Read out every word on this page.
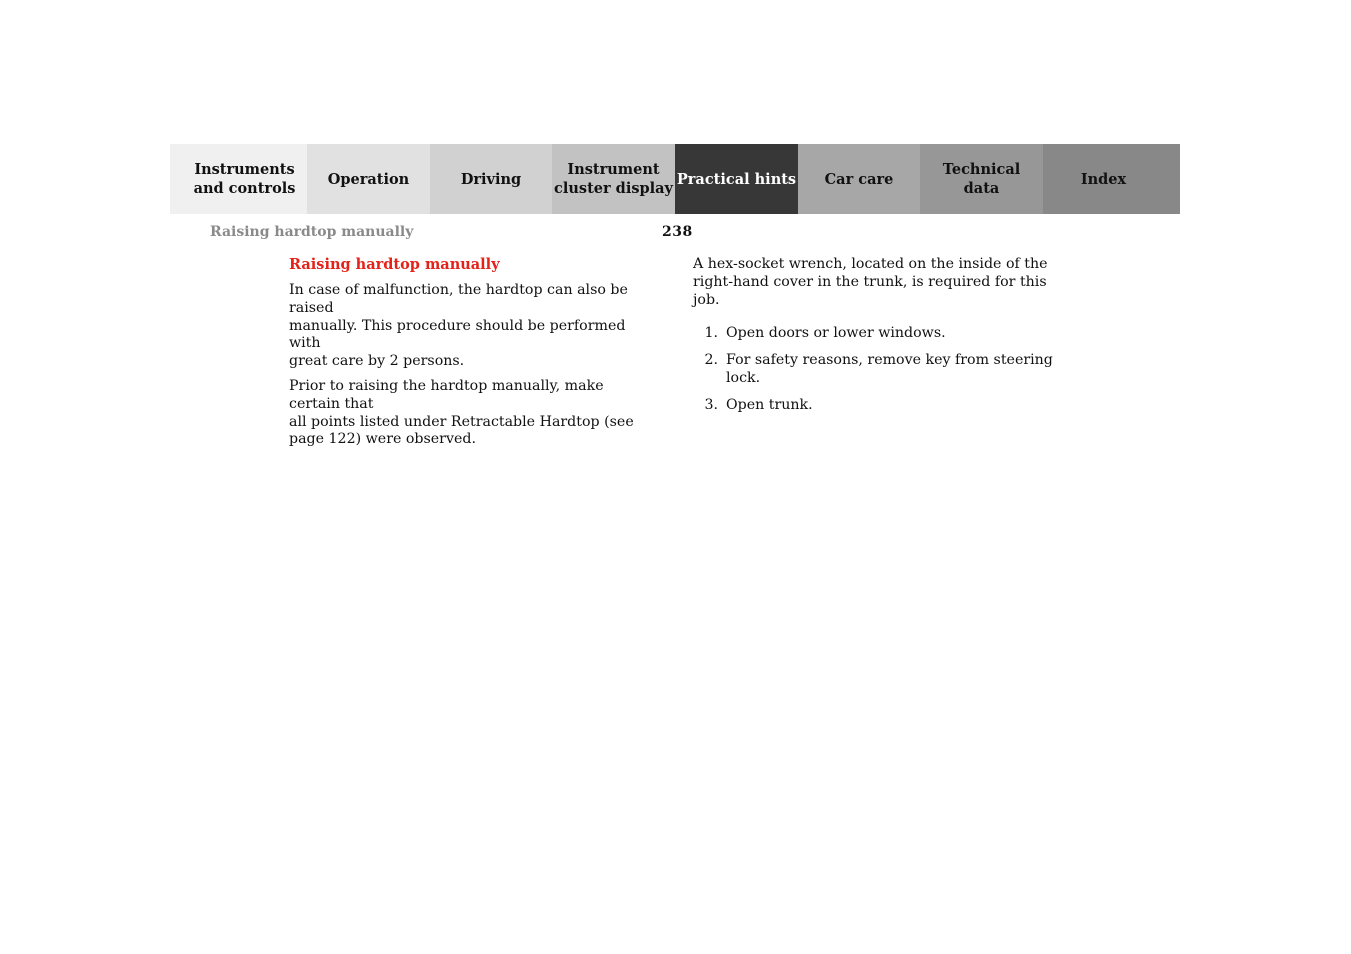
Instruments
and controls
Operation	Driving
Instrument
cluster display
Practical hints	Car care
Technical
data
Index
Raising hardtop manually	238
Raising hardtop manually

In case of malfunction, the hardtop can also be raised
manually. This procedure should be performed with
great care by 2 persons.

Prior to raising the hardtop manually, make certain that
all points listed under Retractable Hardtop (see
page 122) were observed.

A hex-socket wrench, located on the inside of the
right-hand cover in the trunk, is required for this job.

1. Open doors or lower windows.
2. For safety reasons, remove key from steering lock.
3. Open trunk.
